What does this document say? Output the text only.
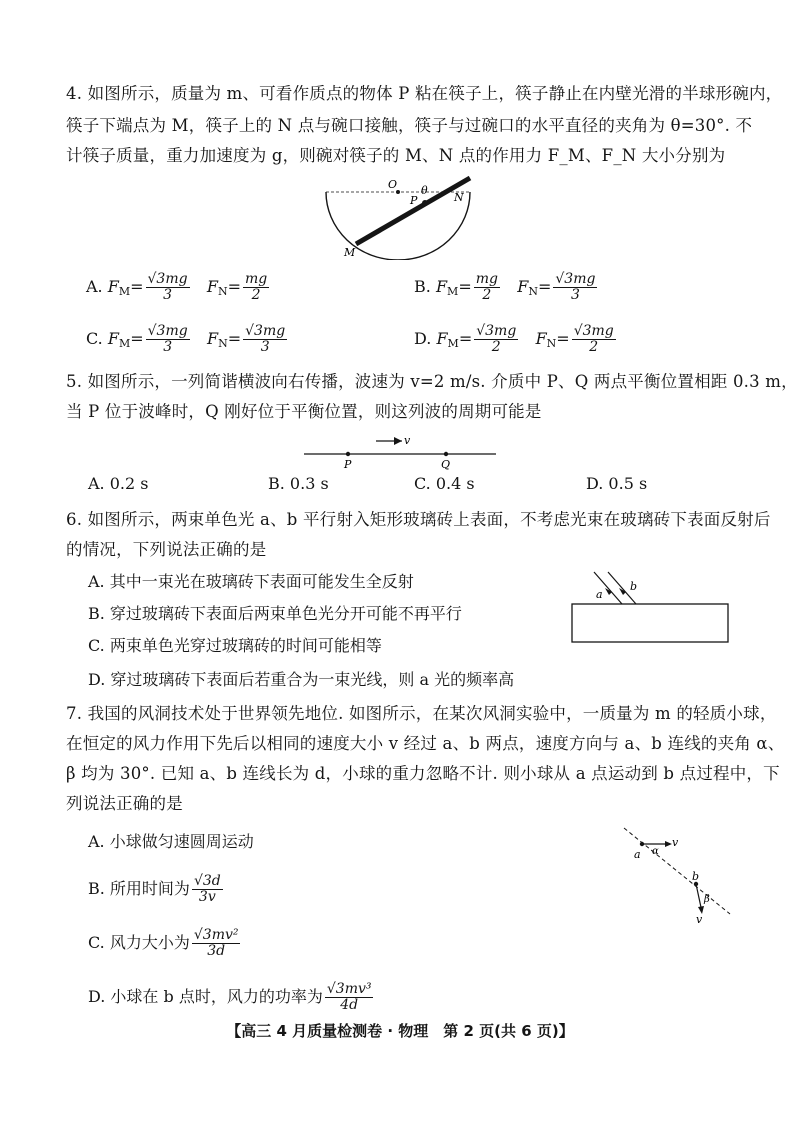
4. 如图所示，质量为 m、可看作质点的物体 P 粘在筷子上，筷子静止在内壁光滑的半球形碗内，
筷子下端点为 M，筷子上的 N 点与碗口接触，筷子与过碗口的水平直径的夹角为 θ=30°. 不
计筷子质量，重力加速度为 g，则碗对筷子的 M、N 点的作用力 F_M、F_N 大小分别为
O θ
P	N
M
A. $F_M= \frac{√3mg}{3} F_N= \frac{mg}{2}$	B. $F_M= \frac{mg}{2} F_N= \frac{√3mg}{3}$
C. $F_M= \frac{√3mg}{3} F_N= \frac{√3mg}{3}$	D. $F_M= \frac{√3mg}{2} F_N= \frac{√3mg}{2}$
5. 如图所示，一列简谐横波向右传播，波速为 v=2 m/s. 介质中 P、Q 两点平衡位置相距 0.3 m，
当 P 位于波峰时，Q 刚好位于平衡位置，则这列波的周期可能是
v
P	Q
A. 0.2 s	B. 0.3 s	C. 0.4 s	D. 0.5 s
6. 如图所示，两束单色光 a、b 平行射入矩形玻璃砖上表面，不考虑光束在玻璃砖下表面反射后
的情况，下列说法正确的是
A. 其中一束光在玻璃砖下表面可能发生全反射
B. 穿过玻璃砖下表面后两束单色光分开可能不再平行
C. 两束单色光穿过玻璃砖的时间可能相等
D. 穿过玻璃砖下表面后若重合为一束光线，则 a 光的频率高
a
b
7. 我国的风洞技术处于世界领先地位. 如图所示，在某次风洞实验中，一质量为 m 的轻质小球，
在恒定的风力作用下先后以相同的速度大小 v 经过 a、b 两点，速度方向与 a、b 连线的夹角 α、
β 均为 30°. 已知 a、b 连线长为 d，小球的重力忽略不计. 则小球从 a 点运动到 b 点过程中，下
列说法正确的是
A. 小球做匀速圆周运动
B. 所用时间为 $\frac{√3d}{3v}$
C. 风力大小为 $\frac{\text{√3mv²}}{3d}$
D. 小球在 b 点时，风力的功率为 $\frac{\text{√3mv³}}{4d}$
a α
v
b
β
v
【高三 4 月质量检测卷 · 物理　第 2 页(共 6 页)】
